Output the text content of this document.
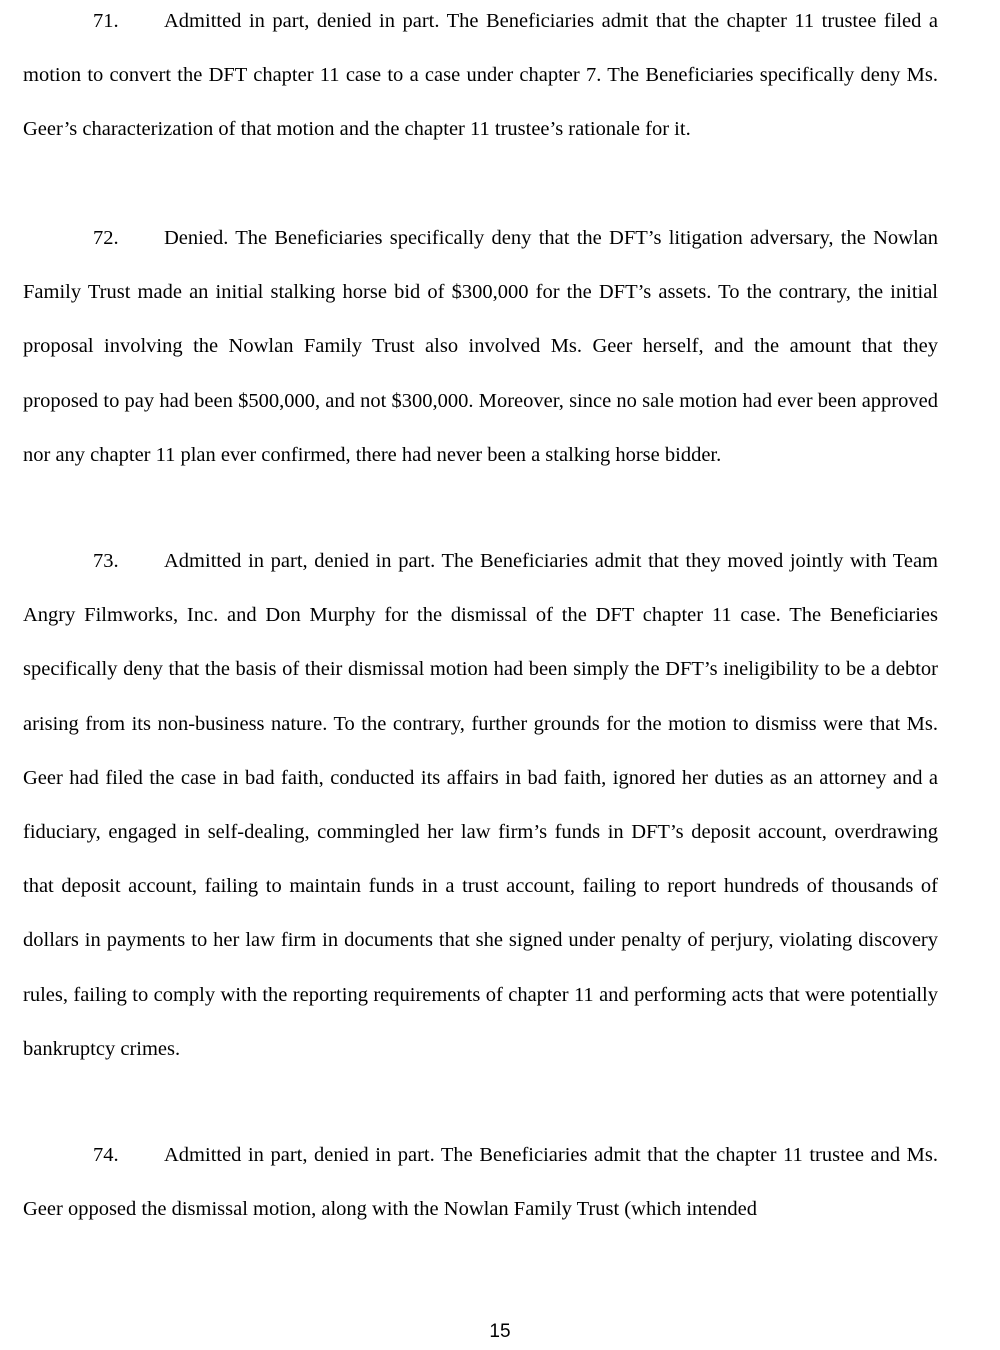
71. Admitted in part, denied in part. The Beneficiaries admit that the chapter 11 trustee filed a motion to convert the DFT chapter 11 case to a case under chapter 7. The Beneficiaries specifically deny Ms. Geer’s characterization of that motion and the chapter 11 trustee’s rationale for it.

72. Denied. The Beneficiaries specifically deny that the DFT’s litigation adversary, the Nowlan Family Trust made an initial stalking horse bid of $300,000 for the DFT’s assets. To the contrary, the initial proposal involving the Nowlan Family Trust also involved Ms. Geer herself, and the amount that they proposed to pay had been $500,000, and not $300,000. Moreover, since no sale motion had ever been approved nor any chapter 11 plan ever confirmed, there had never been a stalking horse bidder.

73. Admitted in part, denied in part. The Beneficiaries admit that they moved jointly with Team Angry Filmworks, Inc. and Don Murphy for the dismissal of the DFT chapter 11 case. The Beneficiaries specifically deny that the basis of their dismissal motion had been simply the DFT’s ineligibility to be a debtor arising from its non-business nature. To the contrary, further grounds for the motion to dismiss were that Ms. Geer had filed the case in bad faith, conducted its affairs in bad faith, ignored her duties as an attorney and a fiduciary, engaged in self-dealing, commingled her law firm’s funds in DFT’s deposit account, overdrawing that deposit account, failing to maintain funds in a trust account, failing to report hundreds of thousands of dollars in payments to her law firm in documents that she signed under penalty of perjury, violating discovery rules, failing to comply with the reporting requirements of chapter 11 and performing acts that were potentially bankruptcy crimes.

74. Admitted in part, denied in part. The Beneficiaries admit that the chapter 11 trustee and Ms. Geer opposed the dismissal motion, along with the Nowlan Family Trust (which intended

15
